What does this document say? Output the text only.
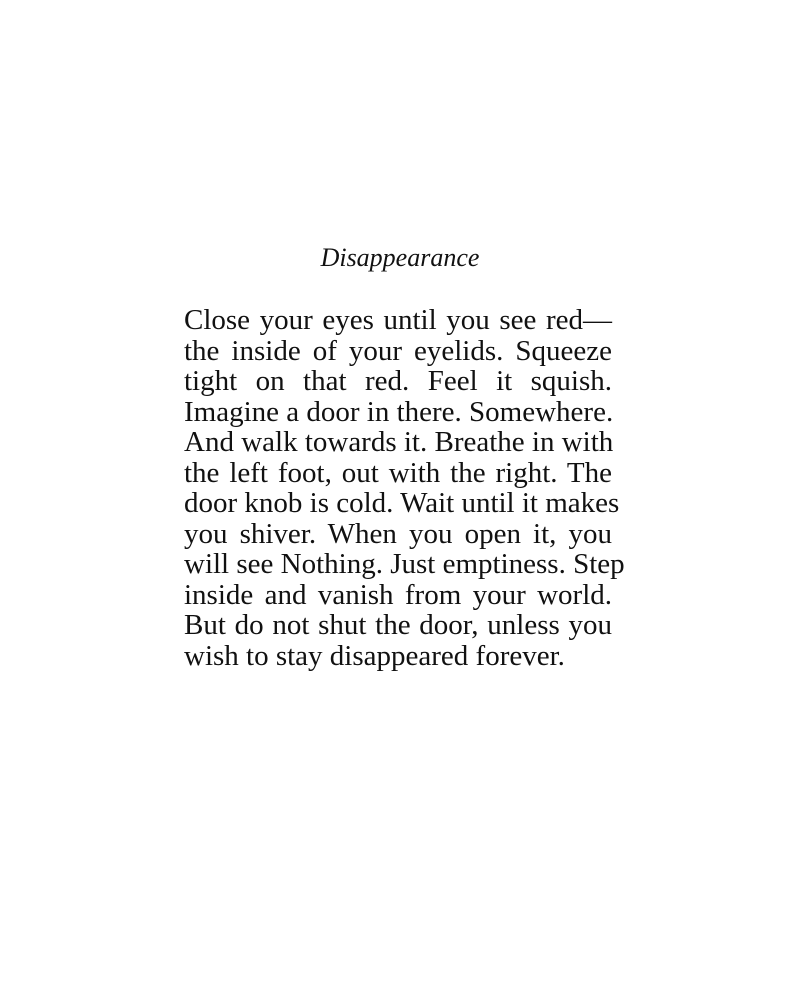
Disappearance
Close your eyes until you see red—
the inside of your eyelids. Squeeze
tight on that red. Feel it squish.
Imagine a door in there. Somewhere.
And walk towards it. Breathe in with
the left foot, out with the right. The
door knob is cold. Wait until it makes
you shiver. When you open it, you
will see Nothing. Just emptiness. Step
inside and vanish from your world.
But do not shut the door, unless you
wish to stay disappeared forever.
